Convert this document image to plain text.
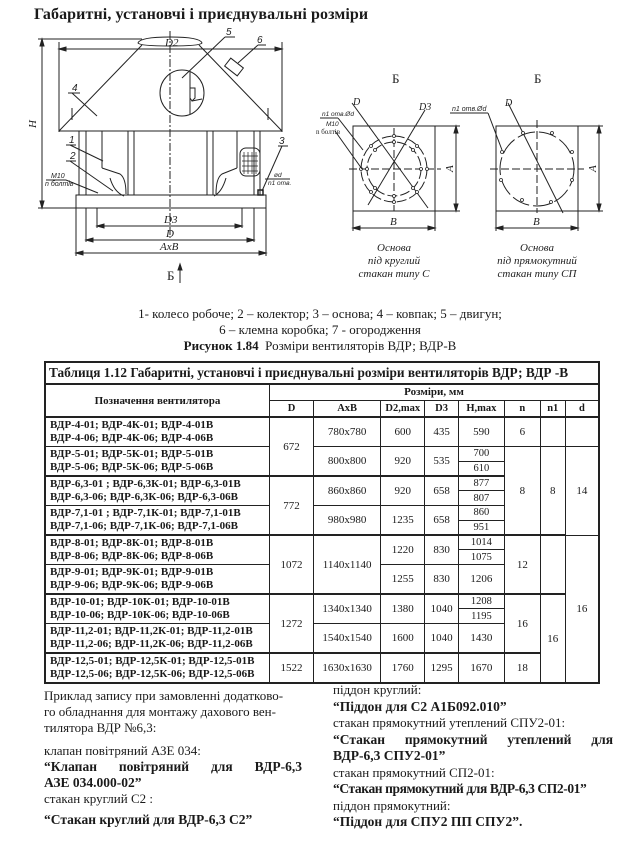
Габаритні, установчі і приєднувальні розміри
D2
H
D3
D
AxB
Б
4
5
6
1
2
3
M10
n болтів
ød
n1 отв.
Б
A
B
D	D3
n1 отв.Ød
M10
n болтів
Основа
під круглий
стакан типу С
Б
A
B
D
n1 отв.Ød
Основа
під прямокутний
стакан типу СП
1- колесо робоче; 2 – колектор; 3 – основа; 4 – ковпак; 5 – двигун;
6 – клемна коробка; 7 - огородження
Рисунок 1.84 Розміри вентиляторів ВДР; ВДР-В
Таблиця 1.12 Габаритні, установчі і приєднувальні розміри вентиляторів ВДР; ВДР -В								
Позначення вентилятора	Розміри, мм							
	D	AxB	D2,max	D3	H,max	n	n1	d

ВДР-4-01; ВДР-4К-01; ВДР-4-01В
ВДР-4-06; ВДР-4К-06; ВДР-4-06В	672	780x780	600	435	590	6		

ВДР-5-01; ВДР-5К-01; ВДР-5-01В
ВДР-5-06; ВДР-5К-06; ВДР-5-06В		800x800	920	535	700	8	8	14
					610			

ВДР-6,3-01 ; ВДР-6,3К-01; ВДР-6,3-01В
ВДР-6,3-06; ВДР-6,3К-06; ВДР-6,3-06В	772	860x860	920	658	877			
					807			

ВДР-7,1-01 ; ВДР-7,1К-01; ВДР-7,1-01В
ВДР-7,1-06; ВДР-7,1К-06; ВДР-7,1-06В		980x980	1235	658	860			
					951			

ВДР-8-01; ВДР-8К-01; ВДР-8-01В
ВДР-8-06; ВДР-8К-06; ВДР-8-06В	1072	1140x1140	1220	830	1014	12		16
					1075			

ВДР-9-01; ВДР-9К-01; ВДР-9-01В
ВДР-9-06; ВДР-9К-06; ВДР-9-06В			1255	830	1206			

ВДР-10-01; ВДР-10К-01; ВДР-10-01В
ВДР-10-06; ВДР-10К-06; ВДР-10-06В	1272	1340x1340	1380	1040	1208	16	16	
					1195			

ВДР-11,2-01; ВДР-11,2К-01; ВДР-11,2-01В
ВДР-11,2-06; ВДР-11,2К-06; ВДР-11,2-06В		1540x1540	1600	1040	1430			

ВДР-12,5-01; ВДР-12,5К-01; ВДР-12,5-01В
ВДР-12,5-06; ВДР-12,5К-06; ВДР-12,5-06В	1522	1630x1630	1760	1295	1670	18		

Приклад запису при замовленні додатково-
го обладнання для монтажу дахового вен-
тилятора ВДР №6,3:

клапан повітряний АЗЕ 034:

“Клапан повітряний для ВДР-6,3

АЗЕ 034.000-02”

стакан круглий С2 :

“Стакан круглий для ВДР-6,3 С2”

піддон круглий:

“Піддон для С2 А1Б092.010”

стакан прямокутний утеплений СПУ2-01:

“Стакан прямокутний утеплений для

ВДР-6,3 СПУ2-01”

стакан прямокутний СП2-01:

“Стакан прямокутний для ВДР-6,3 СП2-01”

піддон прямокутний:

“Піддон для СПУ2 ПП СПУ2”.
